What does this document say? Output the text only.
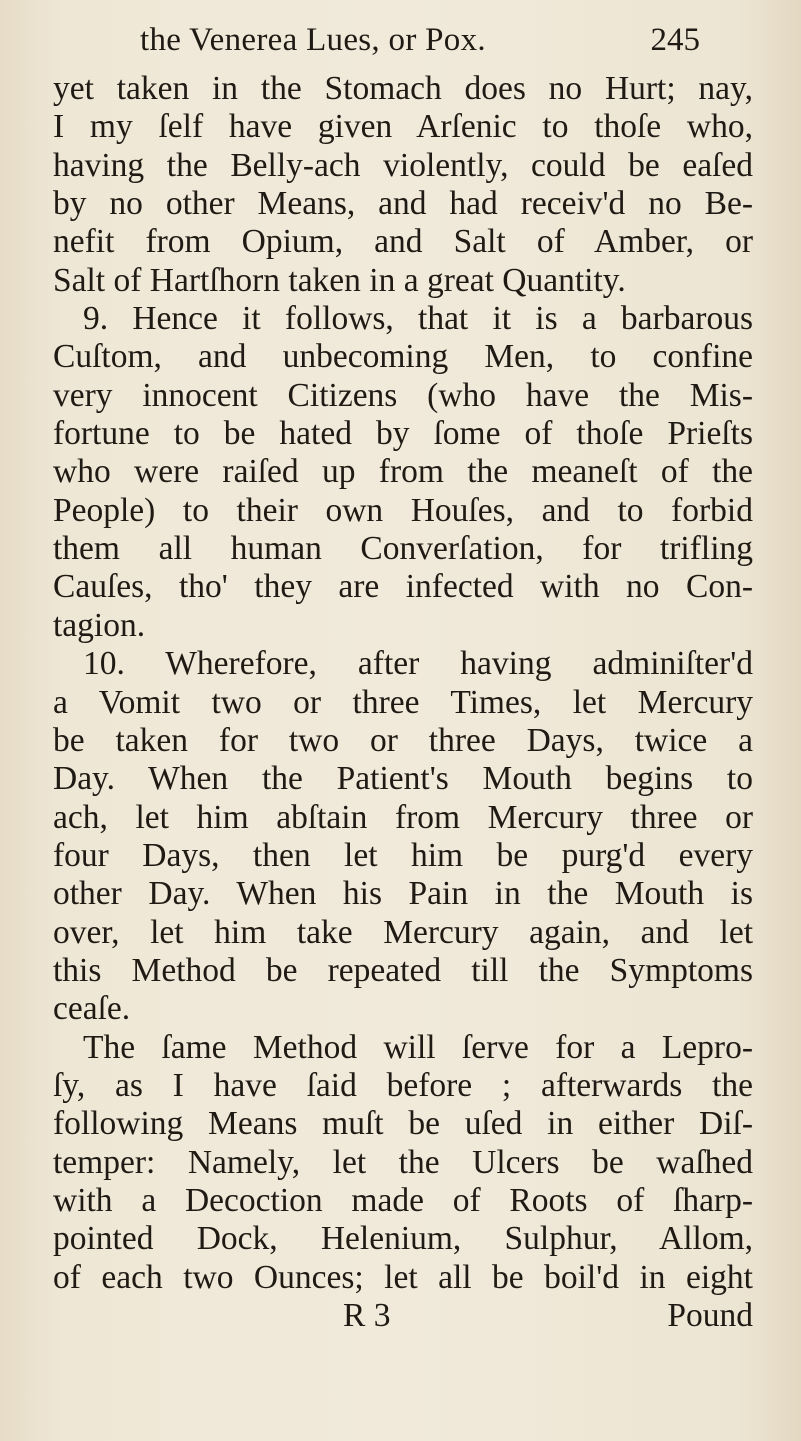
the Venerea Lues, or Pox.	245
yet taken in the Stomach does no Hurt; nay,
I my ſelf have given Arſenic to thoſe who,
having the Belly-ach violently, could be eaſed
by no other Means, and had receiv'd no Be-
nefit from Opium, and Salt of Amber, or
Salt of Hartſhorn taken in a great Quantity.
9. Hence it follows, that it is a barbarous
Cuſtom, and unbecoming Men, to confine
very innocent Citizens (who have the Mis-
fortune to be hated by ſome of thoſe Prieſts
who were raiſed up from the meaneſt of the
People) to their own Houſes, and to forbid
them all human Converſation, for trifling
Cauſes, tho' they are infected with no Con-
tagion.
10. Wherefore, after having adminiſter'd
a Vomit two or three Times, let Mercury
be taken for two or three Days, twice a
Day. When the Patient's Mouth begins to
ach, let him abſtain from Mercury three or
four Days, then let him be purg'd every
other Day. When his Pain in the Mouth is
over, let him take Mercury again, and let
this Method be repeated till the Symptoms
ceaſe.
The ſame Method will ſerve for a Lepro-
ſy, as I have ſaid before ; afterwards the
following Means muſt be uſed in either Diſ-
temper: Namely, let the Ulcers be waſhed
with a Decoction made of Roots of ſharp-
pointed Dock, Helenium, Sulphur, Allom,
of each two Ounces; let all be boil'd in eight
R 3	Pound
